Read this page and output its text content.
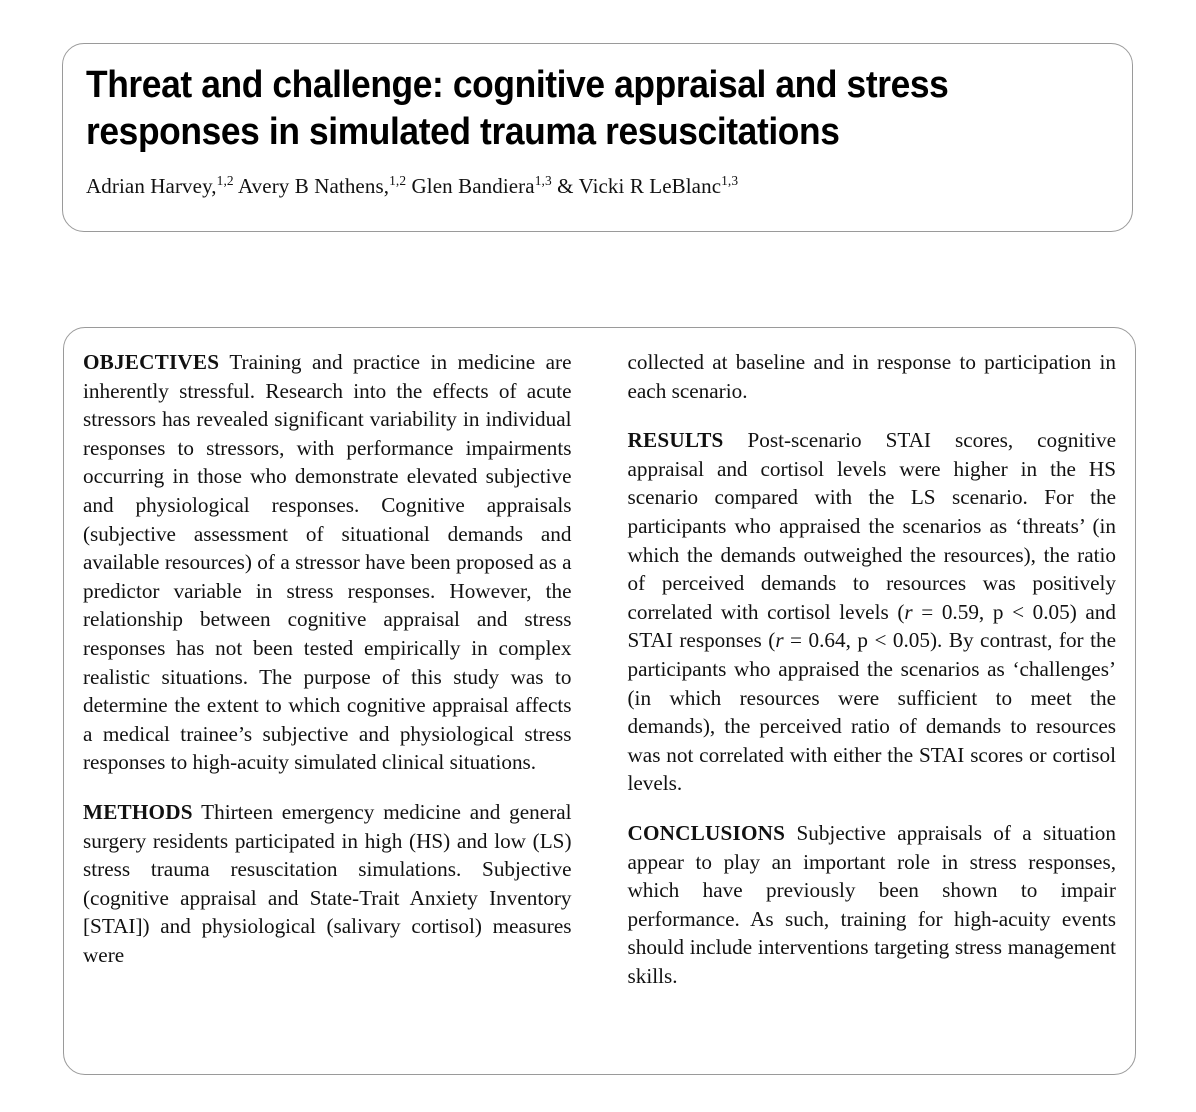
Threat and challenge: cognitive appraisal and stress responses in simulated trauma resuscitations

Adrian Harvey,$^{1,2}$ Avery B Nathens,$^{1,2}$ Glen Bandiera$^{1,3}$ & Vicki R LeBlanc$^{1,3}$

OBJECTIVES Training and practice in medicine are inherently stressful. Research into the effects of acute stressors has revealed significant variability in individual responses to stressors, with performance impairments occurring in those who demonstrate elevated subjective and physiological responses. Cognitive appraisals (subjective assessment of situational demands and available resources) of a stressor have been proposed as a predictor variable in stress responses. However, the relationship between cognitive appraisal and stress responses has not been tested empirically in complex realistic situations. The purpose of this study was to determine the extent to which cognitive appraisal affects a medical trainee’s subjective and physiological stress responses to high-acuity simulated clinical situations.

METHODS Thirteen emergency medicine and general surgery residents participated in high (HS) and low (LS) stress trauma resuscitation simulations. Subjective (cognitive appraisal and State-Trait Anxiety Inventory [STAI]) and physiological (salivary cortisol) measures were

collected at baseline and in response to participation in each scenario.

RESULTS Post-scenario STAI scores, cognitive appraisal and cortisol levels were higher in the HS scenario compared with the LS scenario. For the participants who appraised the scenarios as ‘threats’ (in which the demands outweighed the resources), the ratio of perceived demands to resources was positively correlated with cortisol levels (r = 0.59, p < 0.05) and STAI responses (r = 0.64, p < 0.05). By contrast, for the participants who appraised the scenarios as ‘challenges’ (in which resources were sufficient to meet the demands), the perceived ratio of demands to resources was not correlated with either the STAI scores or cortisol levels.

CONCLUSIONS Subjective appraisals of a situation appear to play an important role in stress responses, which have previously been shown to impair performance. As such, training for high-acuity events should include interventions targeting stress management skills.
